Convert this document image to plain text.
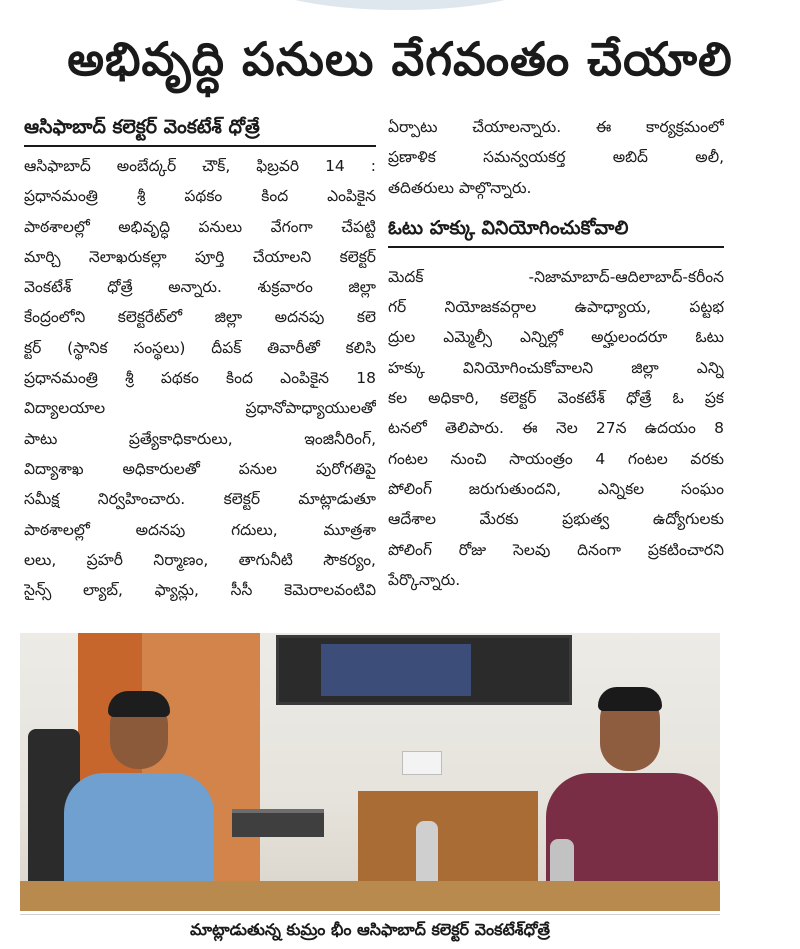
అభివృద్ధి పనులు వేగవంతం చేయాలి
ఆసిఫాబాద్ కలెక్టర్ వెంకటేశ్ ధోత్రే
ఆసిఫాబాద్ అంబేద్కర్ చౌక్, ఫిబ్రవరి 14 :
ప్రధానమంత్రి శ్రీ పథకం కింద ఎంపికైన
పాఠశాలల్లో అభివృద్ధి పనులు వేగంగా చేపట్టి
మార్చి నెలాఖరుకల్లా పూర్తి చేయాలని కలెక్టర్
వెంకటేశ్ ధోత్రే అన్నారు. శుక్రవారం జిల్లా
కేంద్రంలోని కలెక్టరేట్‌లో జిల్లా అదనపు కలె
క్టర్ (స్థానిక సంస్థలు) దీపక్ తివారీతో కలిసి
ప్రధానమంత్రి శ్రీ పథకం కింద ఎంపికైన 18
విద్యాలయాల ప్రధానోపాధ్యాయులతో
పాటు ప్రత్యేకాధికారులు, ఇంజినీరింగ్,
విద్యాశాఖ అధికారులతో పనుల పురోగతిపై
సమీక్ష నిర్వహించారు. కలెక్టర్ మాట్లాడుతూ
పాఠశాలల్లో అదనపు గదులు, మూత్రశా
లలు, ప్రహరీ నిర్మాణం, తాగునీటి సౌకర్యం,
సైన్స్ ల్యాబ్, ఫ్యాన్లు, సీసీ కెమెరాలవంటివి
ఏర్పాటు చేయాలన్నారు. ఈ కార్యక్రమంలో
ప్రణాళిక సమన్వయకర్త అబిద్ అలీ,
తదితరులు పాల్గొన్నారు.
ఓటు హక్కు వినియోగించుకోవాలి
మెదక్ -నిజామాబాద్-ఆదిలాబాద్-కరీంన
గర్ నియోజకవర్గాల ఉపాధ్యాయ, పట్టభ
ద్రుల ఎమ్మెల్సీ ఎన్నిల్లో అర్హులందరూ ఓటు
హక్కు వినియోగించుకోవాలని జిల్లా ఎన్ని
కల అధికారి, కలెక్టర్ వెంకటేశ్ ధోత్రే ఓ ప్రక
టనలో తెలిపారు. ఈ నెల 27న ఉదయం 8
గంటల నుంచి సాయంత్రం 4 గంటల వరకు
పోలింగ్ జరుగుతుందని, ఎన్నికల సంఘం
ఆదేశాల మేరకు ప్రభుత్వ ఉద్యోగులకు
పోలింగ్ రోజు సెలవు దినంగా ప్రకటించారని
పేర్కొన్నారు.
మాట్లాడుతున్న కుమ్రం భీం ఆసిఫాబాద్ కలెక్టర్ వెంకటేశ్‌ధోత్రే
